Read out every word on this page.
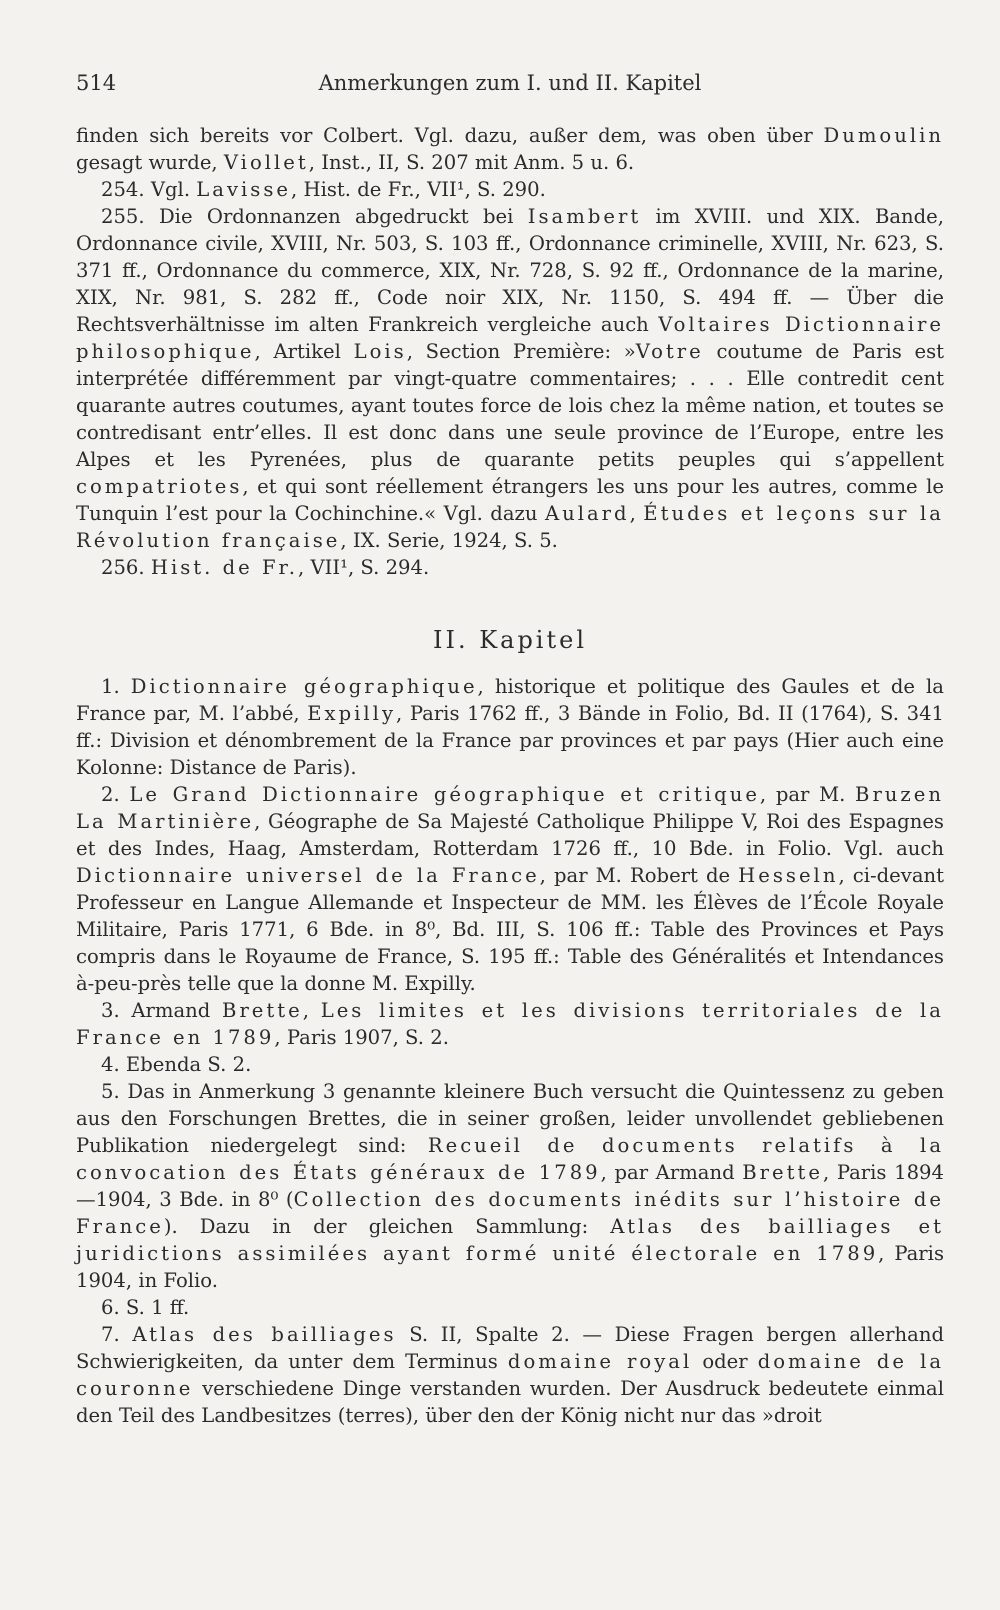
514	Anmerkungen zum I. und II. Kapitel

finden sich bereits vor Colbert. Vgl. dazu, außer dem, was oben über Dumoulin gesagt wurde, Viollet, Inst., II, S. 207 mit Anm. 5 u. 6.

254. Vgl. Lavisse, Hist. de Fr., VII¹, S. 290.

255. Die Ordonnanzen abgedruckt bei Isambert im XVIII. und XIX. Bande, Ordonnance civile, XVIII, Nr. 503, S. 103 ff., Ordonnance criminelle, XVIII, Nr. 623, S. 371 ff., Ordonnance du commerce, XIX, Nr. 728, S. 92 ff., Ordonnance de la marine, XIX, Nr. 981, S. 282 ff., Code noir XIX, Nr. 1150, S. 494 ff. — Über die Rechtsverhältnisse im alten Frankreich vergleiche auch Voltaires Dictionnaire philosophique, Artikel Lois, Section Première: »Votre coutume de Paris est interprétée différemment par vingt-quatre commentaires; . . . Elle contredit cent quarante autres coutumes, ayant toutes force de lois chez la même nation, et toutes se contredisant entr’elles. Il est donc dans une seule province de l’Europe, entre les Alpes et les Pyrenées, plus de quarante petits peuples qui s’appellent compatriotes, et qui sont réellement étrangers les uns pour les autres, comme le Tunquin l’est pour la Cochinchine.« Vgl. dazu Aulard, Études et leçons sur la Révolution française, IX. Serie, 1924, S. 5.

256. Hist. de Fr., VII¹, S. 294.

II. Kapitel

1. Dictionnaire géographique, historique et politique des Gaules et de la France par, M. l’abbé, Expilly, Paris 1762 ff., 3 Bände in Folio, Bd. II (1764), S. 341 ff.: Division et dénombrement de la France par provinces et par pays (Hier auch eine Kolonne: Distance de Paris).

2. Le Grand Dictionnaire géographique et critique, par M. Bruzen La Martinière, Géographe de Sa Majesté Catholique Philippe V, Roi des Espagnes et des Indes, Haag, Amsterdam, Rotterdam 1726 ff., 10 Bde. in Folio. Vgl. auch Dictionnaire universel de la France, par M. Robert de Hesseln, ci-devant Professeur en Langue Allemande et Inspecteur de MM. les Élèves de l’École Royale Militaire, Paris 1771, 6 Bde. in 8⁰, Bd. III, S. 106 ff.: Table des Provinces et Pays compris dans le Royaume de France, S. 195 ff.: Table des Généralités et Intendances à-peu-près telle que la donne M. Expilly.

3. Armand Brette, Les limites et les divisions territoriales de la France en 1789, Paris 1907, S. 2.

4. Ebenda S. 2.

5. Das in Anmerkung 3 genannte kleinere Buch versucht die Quintessenz zu geben aus den Forschungen Brettes, die in seiner großen, leider unvollendet gebliebenen Publikation niedergelegt sind: Recueil de documents relatifs à la convocation des États généraux de 1789, par Armand Brette, Paris 1894—1904, 3 Bde. in 8⁰ (Collection des documents inédits sur l’histoire de France). Dazu in der gleichen Sammlung: Atlas des bailliages et juridictions assimilées ayant formé unité électorale en 1789, Paris 1904, in Folio.

6. S. 1 ff.

7. Atlas des bailliages S. II, Spalte 2. — Diese Fragen bergen allerhand Schwierigkeiten, da unter dem Terminus domaine royal oder domaine de la couronne verschiedene Dinge verstanden wurden. Der Ausdruck bedeutete einmal den Teil des Landbesitzes (terres), über den der König nicht nur das »droit
